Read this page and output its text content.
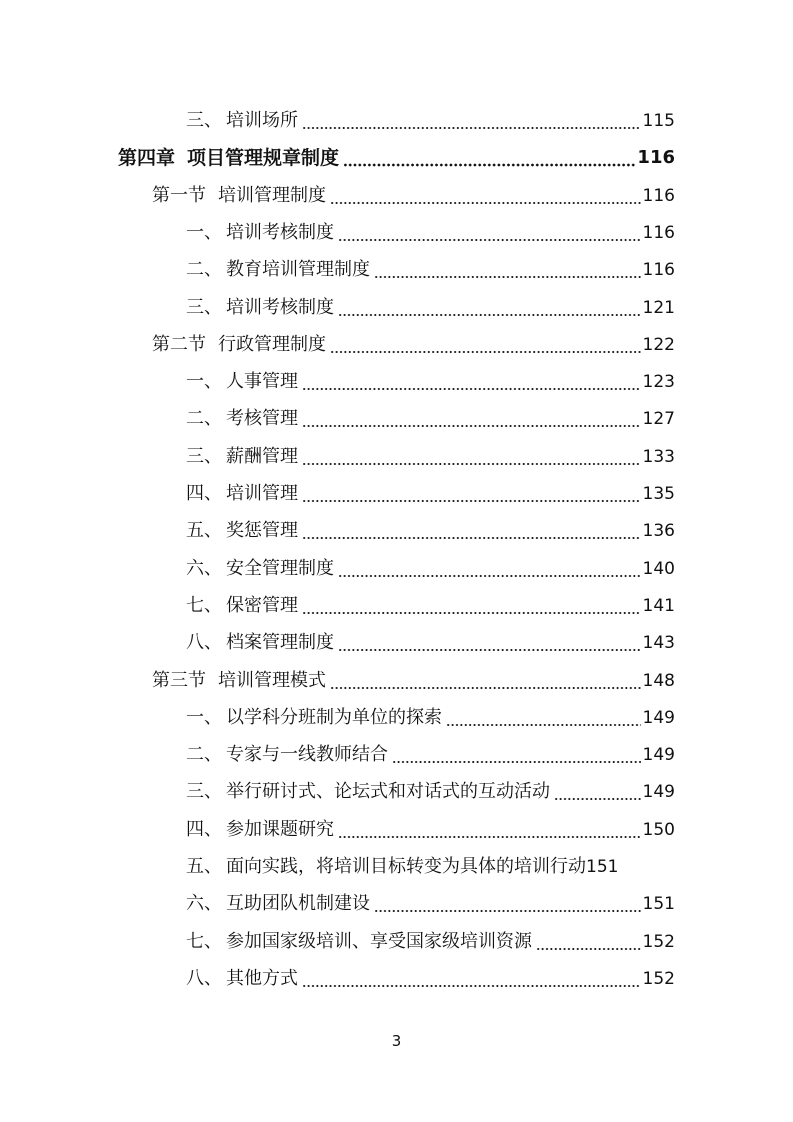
三、 培训场所	115
第四章 项目管理规章制度	116
第一节 培训管理制度	116
一、 培训考核制度	116
二、 教育培训管理制度	116
三、 培训考核制度	121
第二节 行政管理制度	122
一、 人事管理	123
二、 考核管理	127
三、 薪酬管理	133
四、 培训管理	135
五、 奖惩管理	136
六、 安全管理制度	140
七、 保密管理	141
八、 档案管理制度	143
第三节 培训管理模式	148
一、 以学科分班制为单位的探索	149
二、 专家与一线教师结合	149
三、 举行研讨式、论坛式和对话式的互动活动	149
四、 参加课题研究	150
五、 面向实践，将培训目标转变为具体的培训行动 151
六、 互助团队机制建设	151
七、 参加国家级培训、享受国家级培训资源	152
八、 其他方式	152
3
